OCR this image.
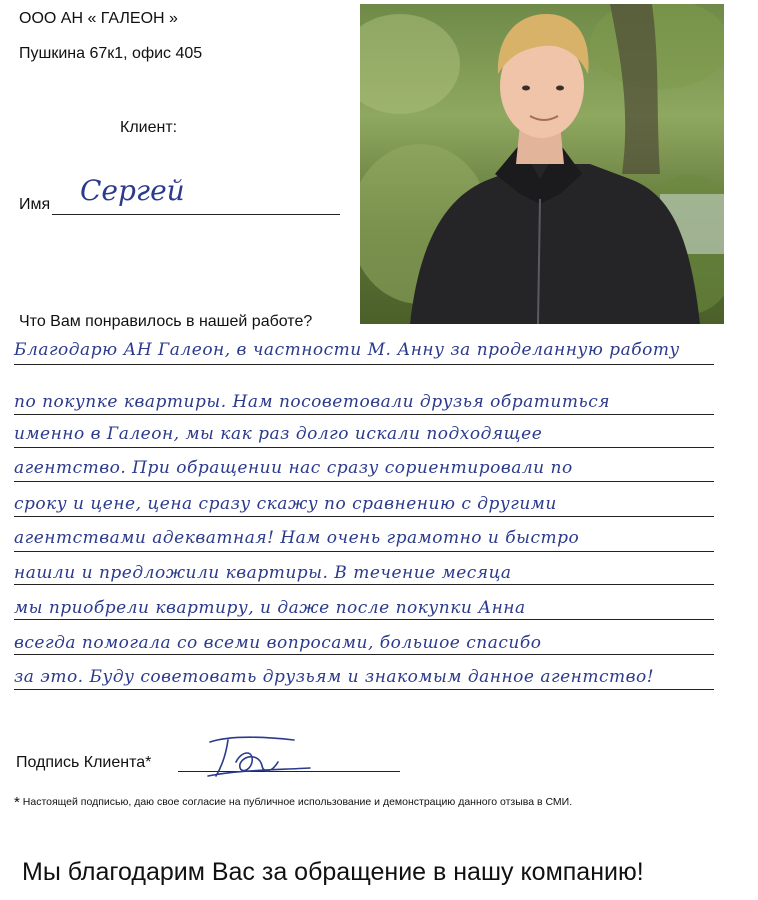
ООО АН « ГАЛЕОН »
Пушкина 67к1, офис 405
Клиент:
Имя Сергей
Что Вам понравилось в нашей работе?
Благодарю АН Галеон, в частности М. Анну за проделанную работу
по покупке квартиры. Нам посоветовали друзья обратиться
именно в Галеон, мы как раз долго искали подходящее
агентство. При обращении нас сразу сориентировали по
сроку и цене, цена сразу скажу по сравнению с другими
агентствами адекватная! Нам очень грамотно и быстро
нашли и предложили квартиры. В течение месяца
мы приобрели квартиру, и даже после покупки Анна
всегда помогала со всеми вопросами, большое спасибо
за это. Буду советовать друзьям и знакомым данное агентство!
Подпись Клиента*
* Настоящей подписью, даю свое согласие на публичное использование и демонстрацию данного отзыва в СМИ.
Мы благодарим Вас за обращение в нашу компанию!
